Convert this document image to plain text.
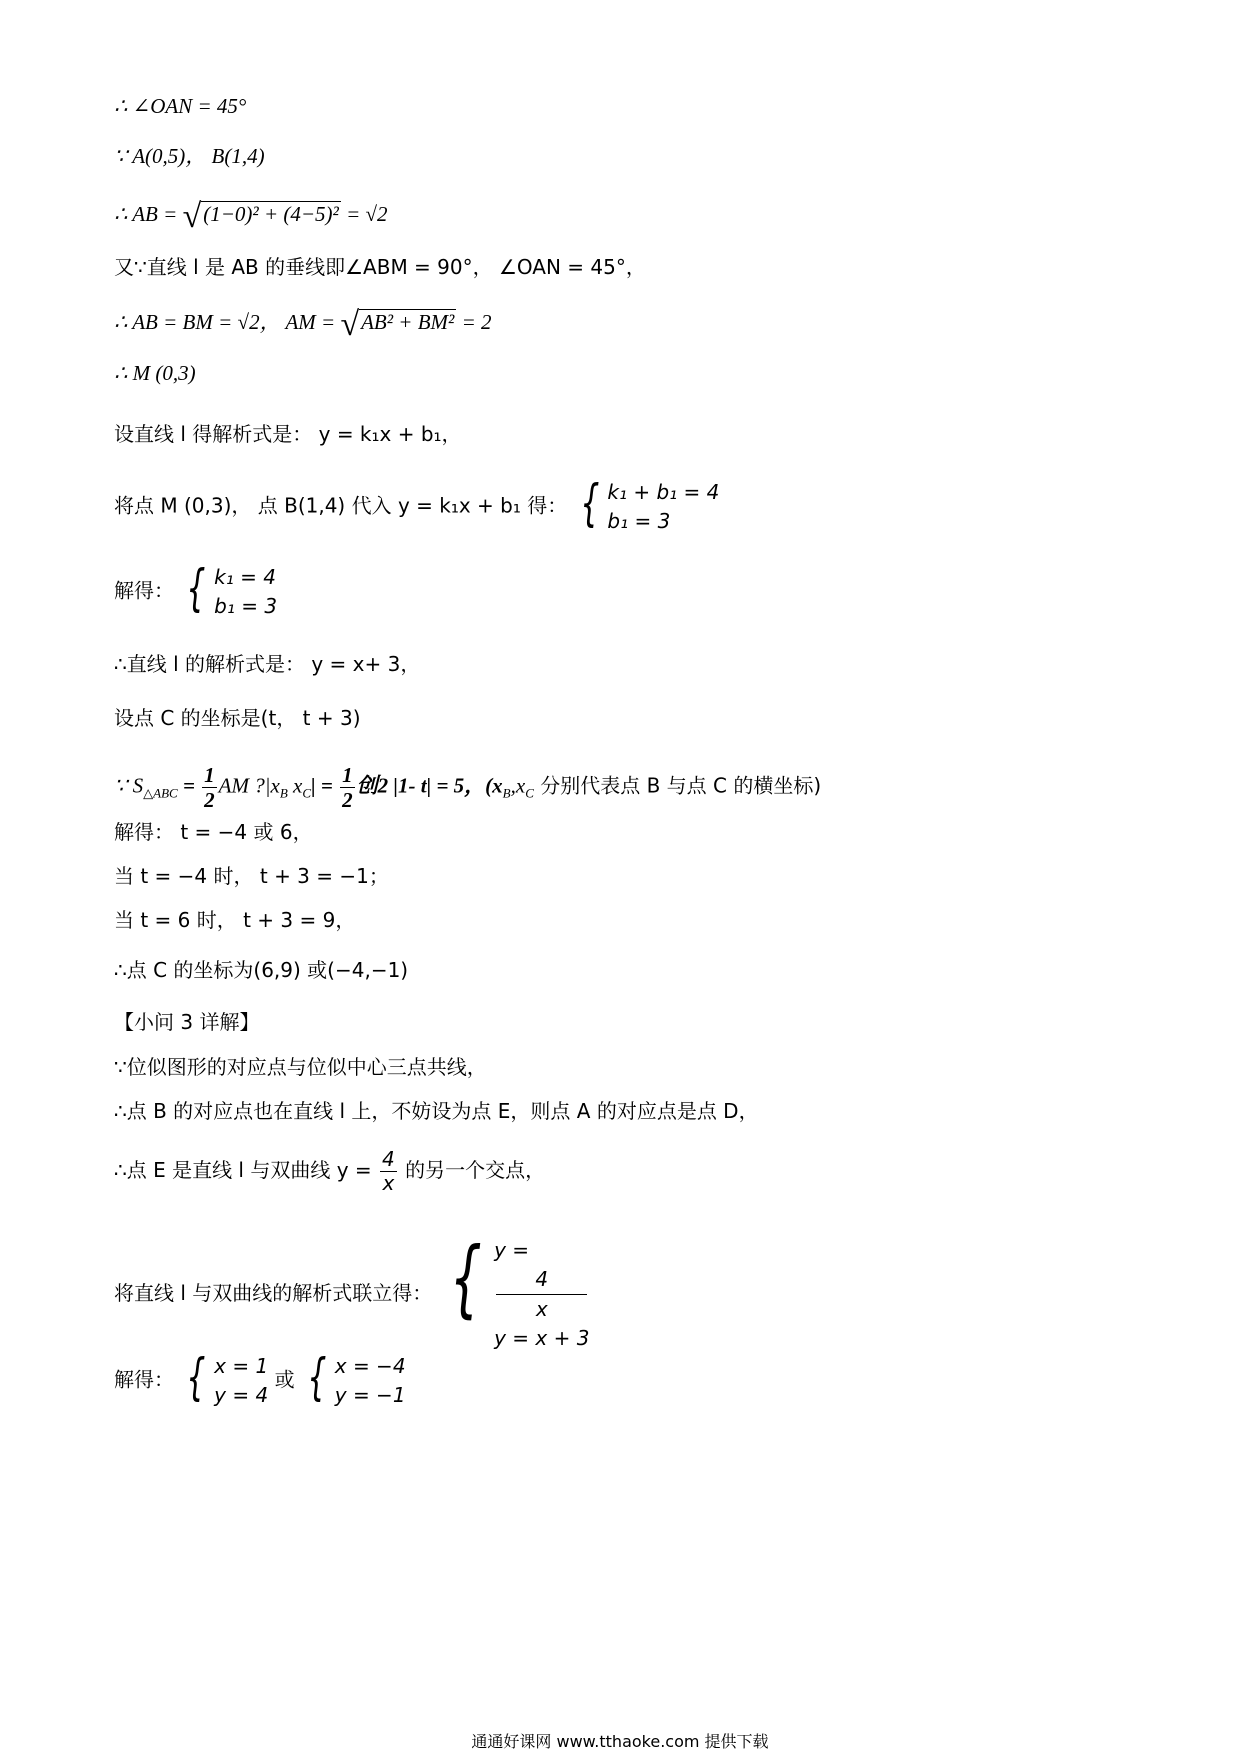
∴ ∠OAN = 45°
∵ A(0,5)， B(1,4)
∴ AB = √(1−0)² + (4−5)² = √2
又∵直线 l 是 AB 的垂线即∠ABM = 90°， ∠OAN = 45°，
∴ AB = BM = √2， AM = √AB² + BM² = 2
∴ M (0,3)
设直线 l 得解析式是： y = k₁x + b₁，
将点 M (0,3)， 点 B(1,4) 代入 y = k₁x + b₁ 得： { k₁ + b₁ = 4
b₁ = 3
解得： { k₁ = 4
b₁ = 3
∴直线 l 的解析式是： y = x+ 3，
设点 C 的坐标是(t， t + 3)
∵ $S_{\triangle ABC} = \frac{1}{2}$ AM $?|x_B$ $x_C| = \frac{1}{2}$ 创2 |1- t| = 5，($x_B,x_C$ 分别代表点 B 与点 C 的横坐标)
解得： t = −4 或 6，
当 t = −4 时， t + 3 = −1；
当 t = 6 时， t + 3 = 9，
∴点 C 的坐标为(6,9) 或(−4,−1)
【小问 3 详解】
∵位似图形的对应点与位似中心三点共线，
∴点 B 的对应点也在直线 l 上，不妨设为点 E，则点 A 的对应点是点 D，
∴点 E 是直线 l 与双曲线 $y = \frac{4}{x}$ 的另一个交点，
将直线 l 与双曲线的解析式联立得： { y =
4
x
y = x + 3
解得： { x = 1
y = 4
或 { x = −4
y = −1
通通好课网 www.tthaoke.com 提供下载
